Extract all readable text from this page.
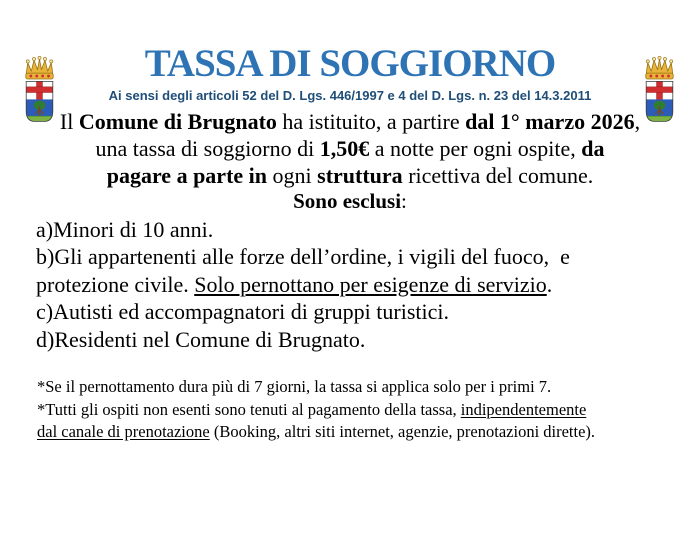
TASSA DI SOGGIORNO
Ai sensi degli articoli 52 del D. Lgs. 446/1997 e 4 del D. Lgs. n. 23 del 14.3.2011
Il Comune di Brugnato ha istituito, a partire dal 1° marzo 2026,
una tassa di soggiorno di 1,50€ a notte per ogni ospite, da
pagare a parte in ogni struttura ricettiva del comune.
Sono esclusi:
a)Minori di 10 anni.
b)Gli appartenenti alle forze dell’ordine, i vigili del fuoco,  e
protezione civile. Solo pernottano per esigenze di servizio.
c)Autisti ed accompagnatori di gruppi turistici.
d)Residenti nel Comune di Brugnato.
*Se il pernottamento dura più di 7 giorni, la tassa si applica solo per i primi 7.
*Tutti gli ospiti non esenti sono tenuti al pagamento della tassa, indipendentemente
dal canale di prenotazione (Booking, altri siti internet, agenzie, prenotazioni dirette).
